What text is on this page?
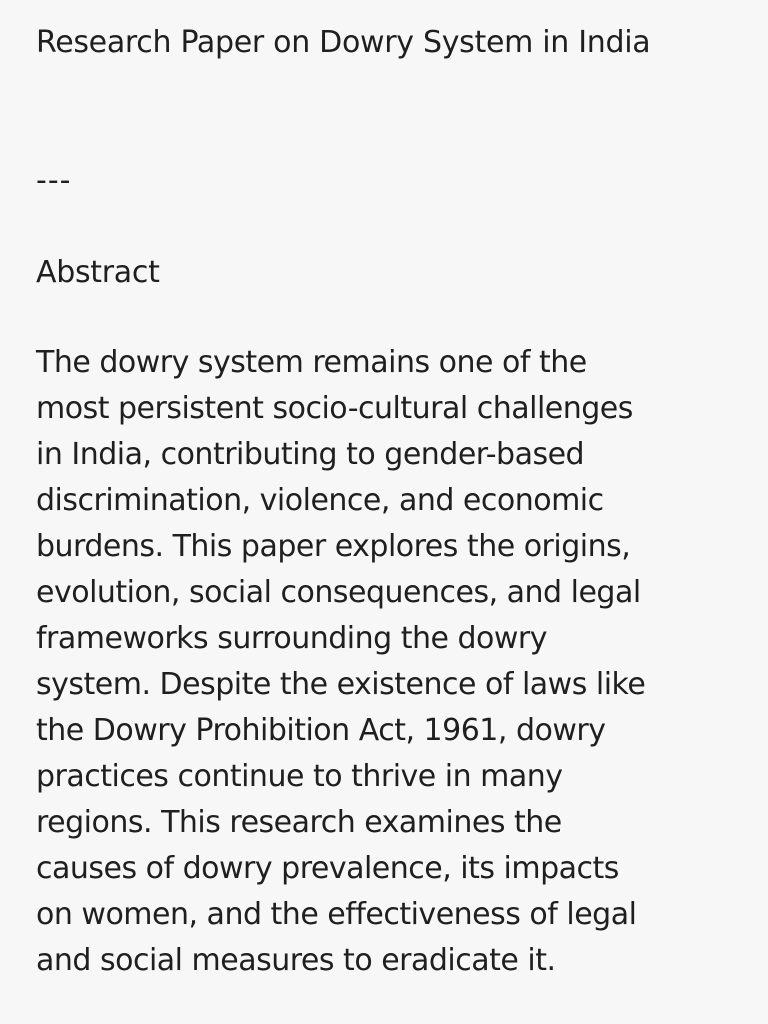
Research Paper on Dowry System in India

---

Abstract

The dowry system remains one of the
most persistent socio-cultural challenges
in India, contributing to gender-based
discrimination, violence, and economic
burdens. This paper explores the origins,
evolution, social consequences, and legal
frameworks surrounding the dowry
system. Despite the existence of laws like
the Dowry Prohibition Act, 1961, dowry
practices continue to thrive in many
regions. This research examines the
causes of dowry prevalence, its impacts
on women, and the effectiveness of legal
and social measures to eradicate it.
